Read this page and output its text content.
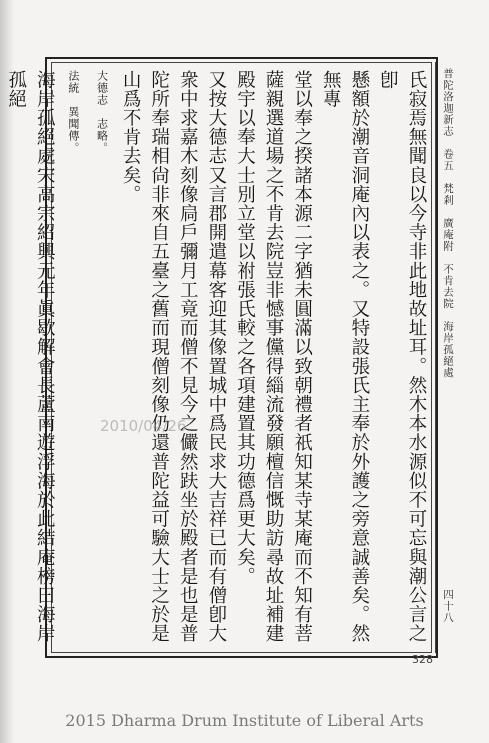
普陀洛迦新志　卷五　梵剎　廣庵附　不肯去院　海岸孤絕處
四十八

氏寂焉無聞良以今寺非此地故址耳。然木本水源似不可忘與潮公言之卽

懸額於潮音洞庵內以表之。又特設張氏主奉於外護之旁意誠善矣。然無專

堂以奉之揆諸本源二字猶未圓滿以致朝禮者祇知某寺某庵而不知有菩

薩親選道場之不肯去院豈非憾事儻得緇流發願檀信慨助訪尋故址補建

殿宇以奉大士別立堂以祔張氏較之各項建置其功德爲更大矣。

又按大德志又言郡開遣幕客迎其像置城中爲民求大吉祥已而有僧卽大

衆中求嘉木刻像扃戶彌月工竟而僧不見今之儼然趺坐於殿者是也是普

陀所奉瑞相尙非來自五臺之舊而現僧刻像仍還普陀益可驗大士之於是

山爲不肯去矣。

大德志　志略。

法統　異聞傳。

海岸孤絕處宋高宗紹興元年眞歇解會長蘆南遊浮海於此結庵榜曰海岸孤絕

2010/04/26
328
2015 Dharma Drum Institute of Liberal Arts
